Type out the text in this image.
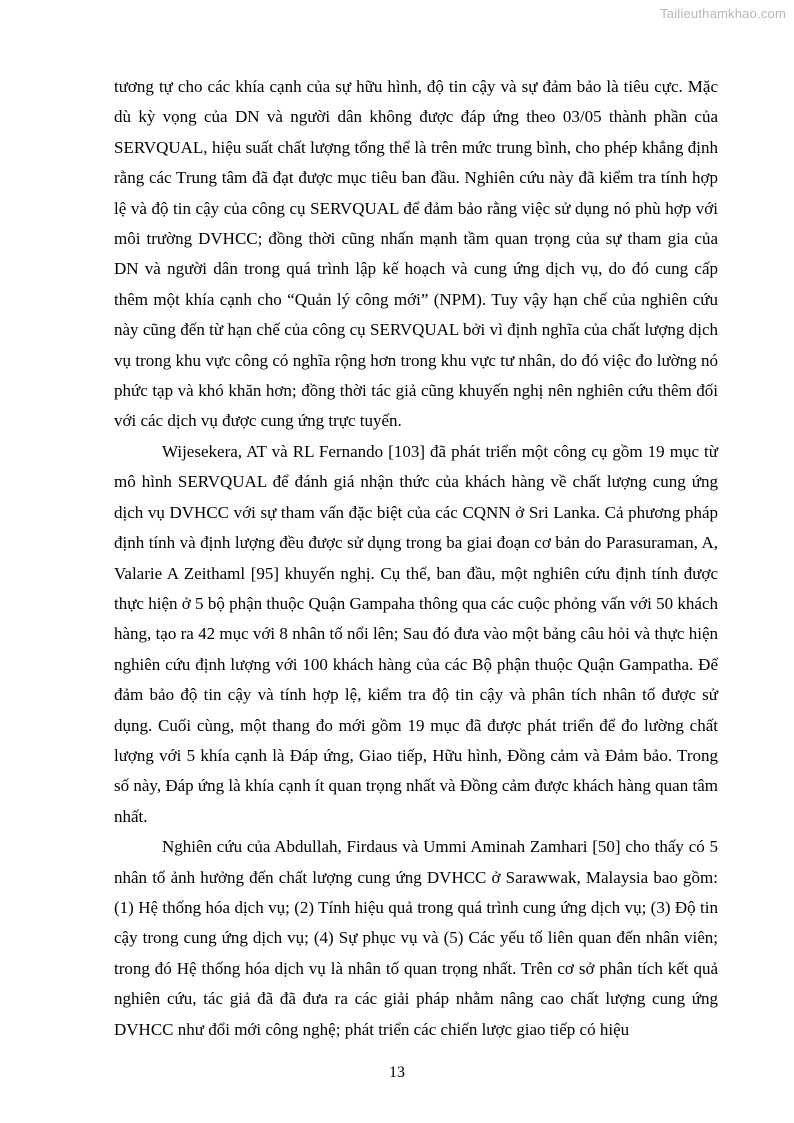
Tailieuthamkhao.com

tương tự cho các khía cạnh của sự hữu hình, độ tin cậy và sự đảm bảo là tiêu cực. Mặc dù kỳ vọng của DN và người dân không được đáp ứng theo 03/05 thành phần của SERVQUAL, hiệu suất chất lượng tổng thể là trên mức trung bình, cho phép khẳng định rằng các Trung tâm đã đạt được mục tiêu ban đầu. Nghiên cứu này đã kiểm tra tính hợp lệ và độ tin cậy của công cụ SERVQUAL để đảm bảo rằng việc sử dụng nó phù hợp với môi trường DVHCC; đồng thời cũng nhấn mạnh tầm quan trọng của sự tham gia của DN và người dân trong quá trình lập kế hoạch và cung ứng dịch vụ, do đó cung cấp thêm một khía cạnh cho “Quản lý công mới” (NPM). Tuy vậy hạn chế của nghiên cứu này cũng đến từ hạn chế của công cụ SERVQUAL bởi vì định nghĩa của chất lượng dịch vụ trong khu vực công có nghĩa rộng hơn trong khu vực tư nhân, do đó việc đo lường nó phức tạp và khó khăn hơn; đồng thời tác giả cũng khuyến nghị nên nghiên cứu thêm đối với các dịch vụ được cung ứng trực tuyến.

Wijesekera, AT và RL Fernando [103] đã phát triển một công cụ gồm 19 mục từ mô hình SERVQUAL để đánh giá nhận thức của khách hàng về chất lượng cung ứng dịch vụ DVHCC với sự tham vấn đặc biệt của các CQNN ở Sri Lanka. Cả phương pháp định tính và định lượng đều được sử dụng trong ba giai đoạn cơ bản do Parasuraman, A, Valarie A Zeithaml [95] khuyến nghị. Cụ thể, ban đầu, một nghiên cứu định tính được thực hiện ở 5 bộ phận thuộc Quận Gampaha thông qua các cuộc phỏng vấn với 50 khách hàng, tạo ra 42 mục với 8 nhân tố nổi lên; Sau đó đưa vào một bảng câu hỏi và thực hiện nghiên cứu định lượng với 100 khách hàng của các Bộ phận thuộc Quận Gampatha. Để đảm bảo độ tin cậy và tính hợp lệ, kiểm tra độ tin cậy và phân tích nhân tố được sử dụng. Cuối cùng, một thang đo mới gồm 19 mục đã được phát triển để đo lường chất lượng với 5 khía cạnh là Đáp ứng, Giao tiếp, Hữu hình, Đồng cảm và Đảm bảo. Trong số này, Đáp ứng là khía cạnh ít quan trọng nhất và Đồng cảm được khách hàng quan tâm nhất.

Nghiên cứu của Abdullah, Firdaus và Ummi Aminah Zamhari [50] cho thấy có 5 nhân tố ảnh hưởng đến chất lượng cung ứng DVHCC ở Sarawwak, Malaysia bao gồm: (1) Hệ thống hóa dịch vụ; (2) Tính hiệu quả trong quá trình cung ứng dịch vụ; (3) Độ tin cậy trong cung ứng dịch vụ; (4) Sự phục vụ và (5) Các yếu tố liên quan đến nhân viên; trong đó Hệ thống hóa dịch vụ là nhân tố quan trọng nhất. Trên cơ sở phân tích kết quả nghiên cứu, tác giả đã đã đưa ra các giải pháp nhằm nâng cao chất lượng cung ứng DVHCC như đổi mới công nghệ; phát triển các chiến lược giao tiếp có hiệu

13
